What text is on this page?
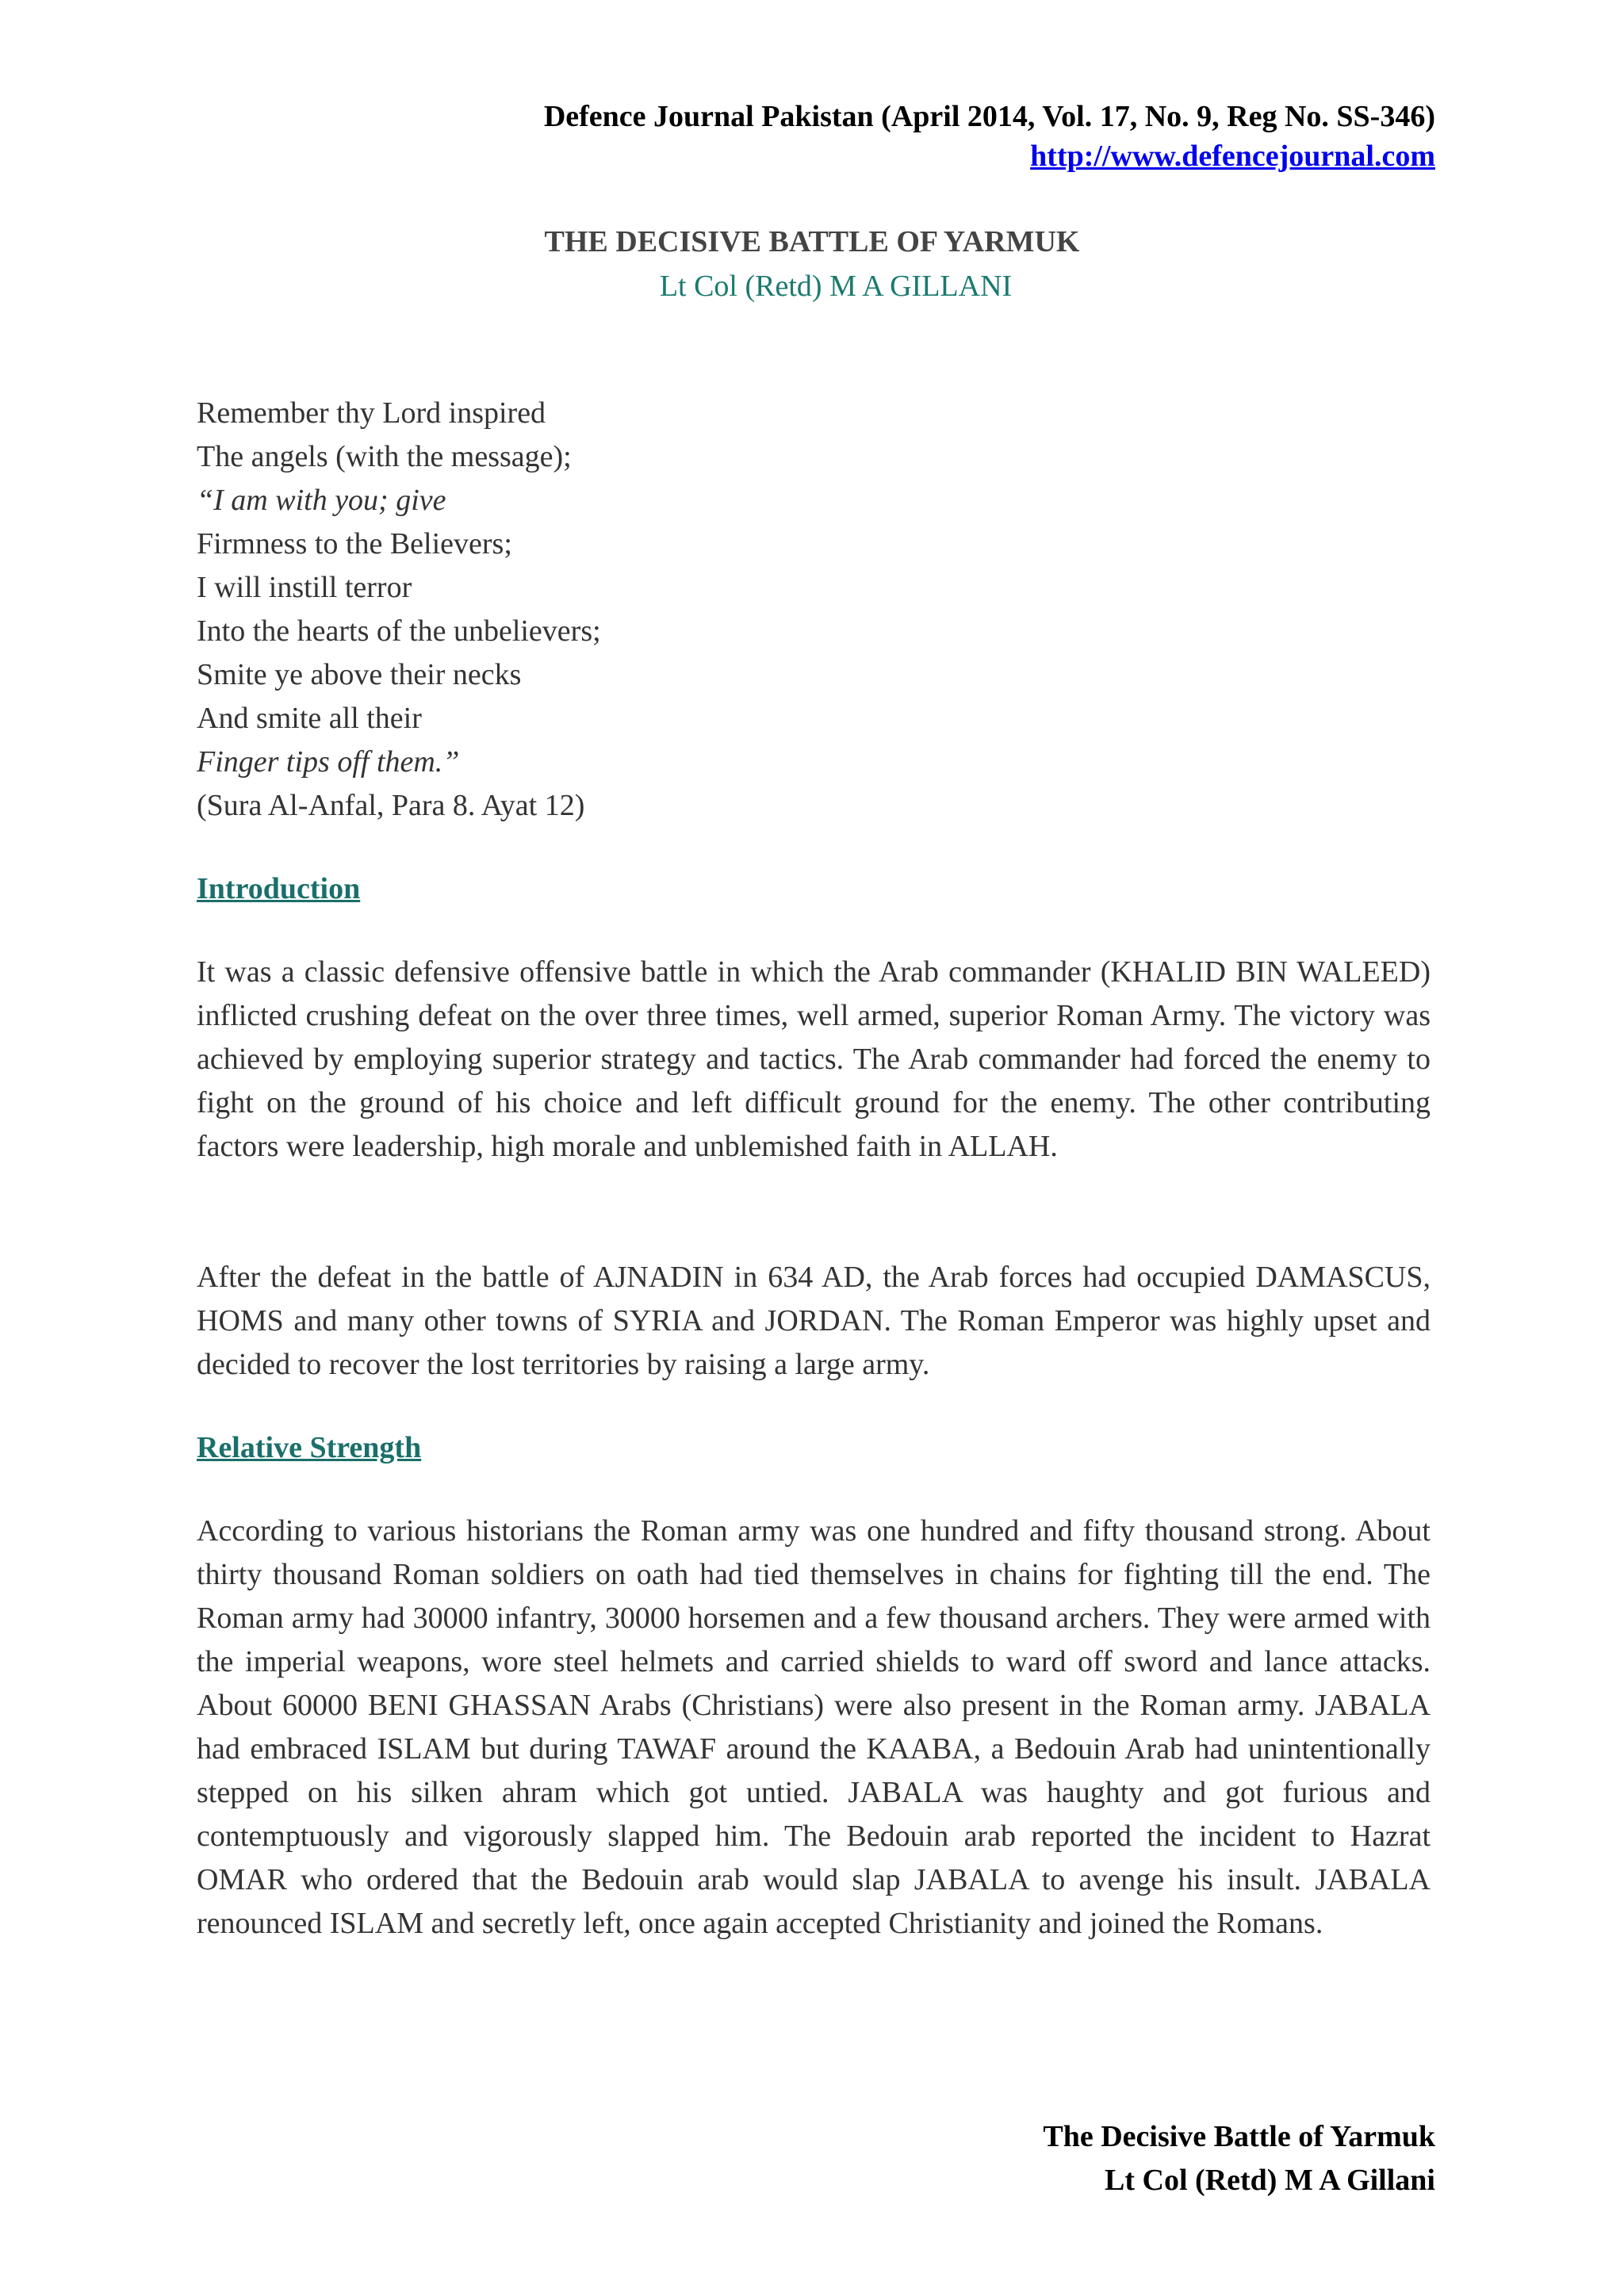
Defence Journal Pakistan (April 2014, Vol. 17, No. 9, Reg No. SS-346)
http://www.defencejournal.com
THE DECISIVE BATTLE OF YARMUK
Lt Col (Retd) M A GILLANI
Remember thy Lord inspired
The angels (with the message);
“I am with you; give
Firmness to the Believers;
I will instill terror
Into the hearts of the unbelievers;
Smite ye above their necks
And smite all their
Finger tips off them.”
(Sura Al-Anfal, Para 8. Ayat 12)
Introduction

It was a classic defensive offensive battle in which the Arab commander (KHALID BIN WALEED) inflicted crushing defeat on the over three times, well armed, superior Roman Army. The victory was achieved by employing superior strategy and tactics. The Arab commander had forced the enemy to fight on the ground of his choice and left difficult ground for the enemy. The other contributing factors were leadership, high morale and unblemished faith in ALLAH.

After the defeat in the battle of AJNADIN in 634 AD, the Arab forces had occupied DAMASCUS, HOMS and many other towns of SYRIA and JORDAN. The Roman Emperor was highly upset and decided to recover the lost territories by raising a large army.

Relative Strength

According to various historians the Roman army was one hundred and fifty thousand strong. About thirty thousand Roman soldiers on oath had tied themselves in chains for fighting till the end. The Roman army had 30000 infantry, 30000 horsemen and a few thousand archers. They were armed with the imperial weapons, wore steel helmets and carried shields to ward off sword and lance attacks. About 60000 BENI GHASSAN Arabs (Christians) were also present in the Roman army. JABALA had embraced ISLAM but during TAWAF around the KAABA, a Bedouin Arab had unintentionally stepped on his silken ahram which got untied. JABALA was haughty and got furious and contemptuously and vigorously slapped him. The Bedouin arab reported the incident to Hazrat OMAR who ordered that the Bedouin arab would slap JABALA to avenge his insult. JABALA renounced ISLAM and secretly left, once again accepted Christianity and joined the Romans.

The Decisive Battle of Yarmuk
Lt Col (Retd) M A Gillani
